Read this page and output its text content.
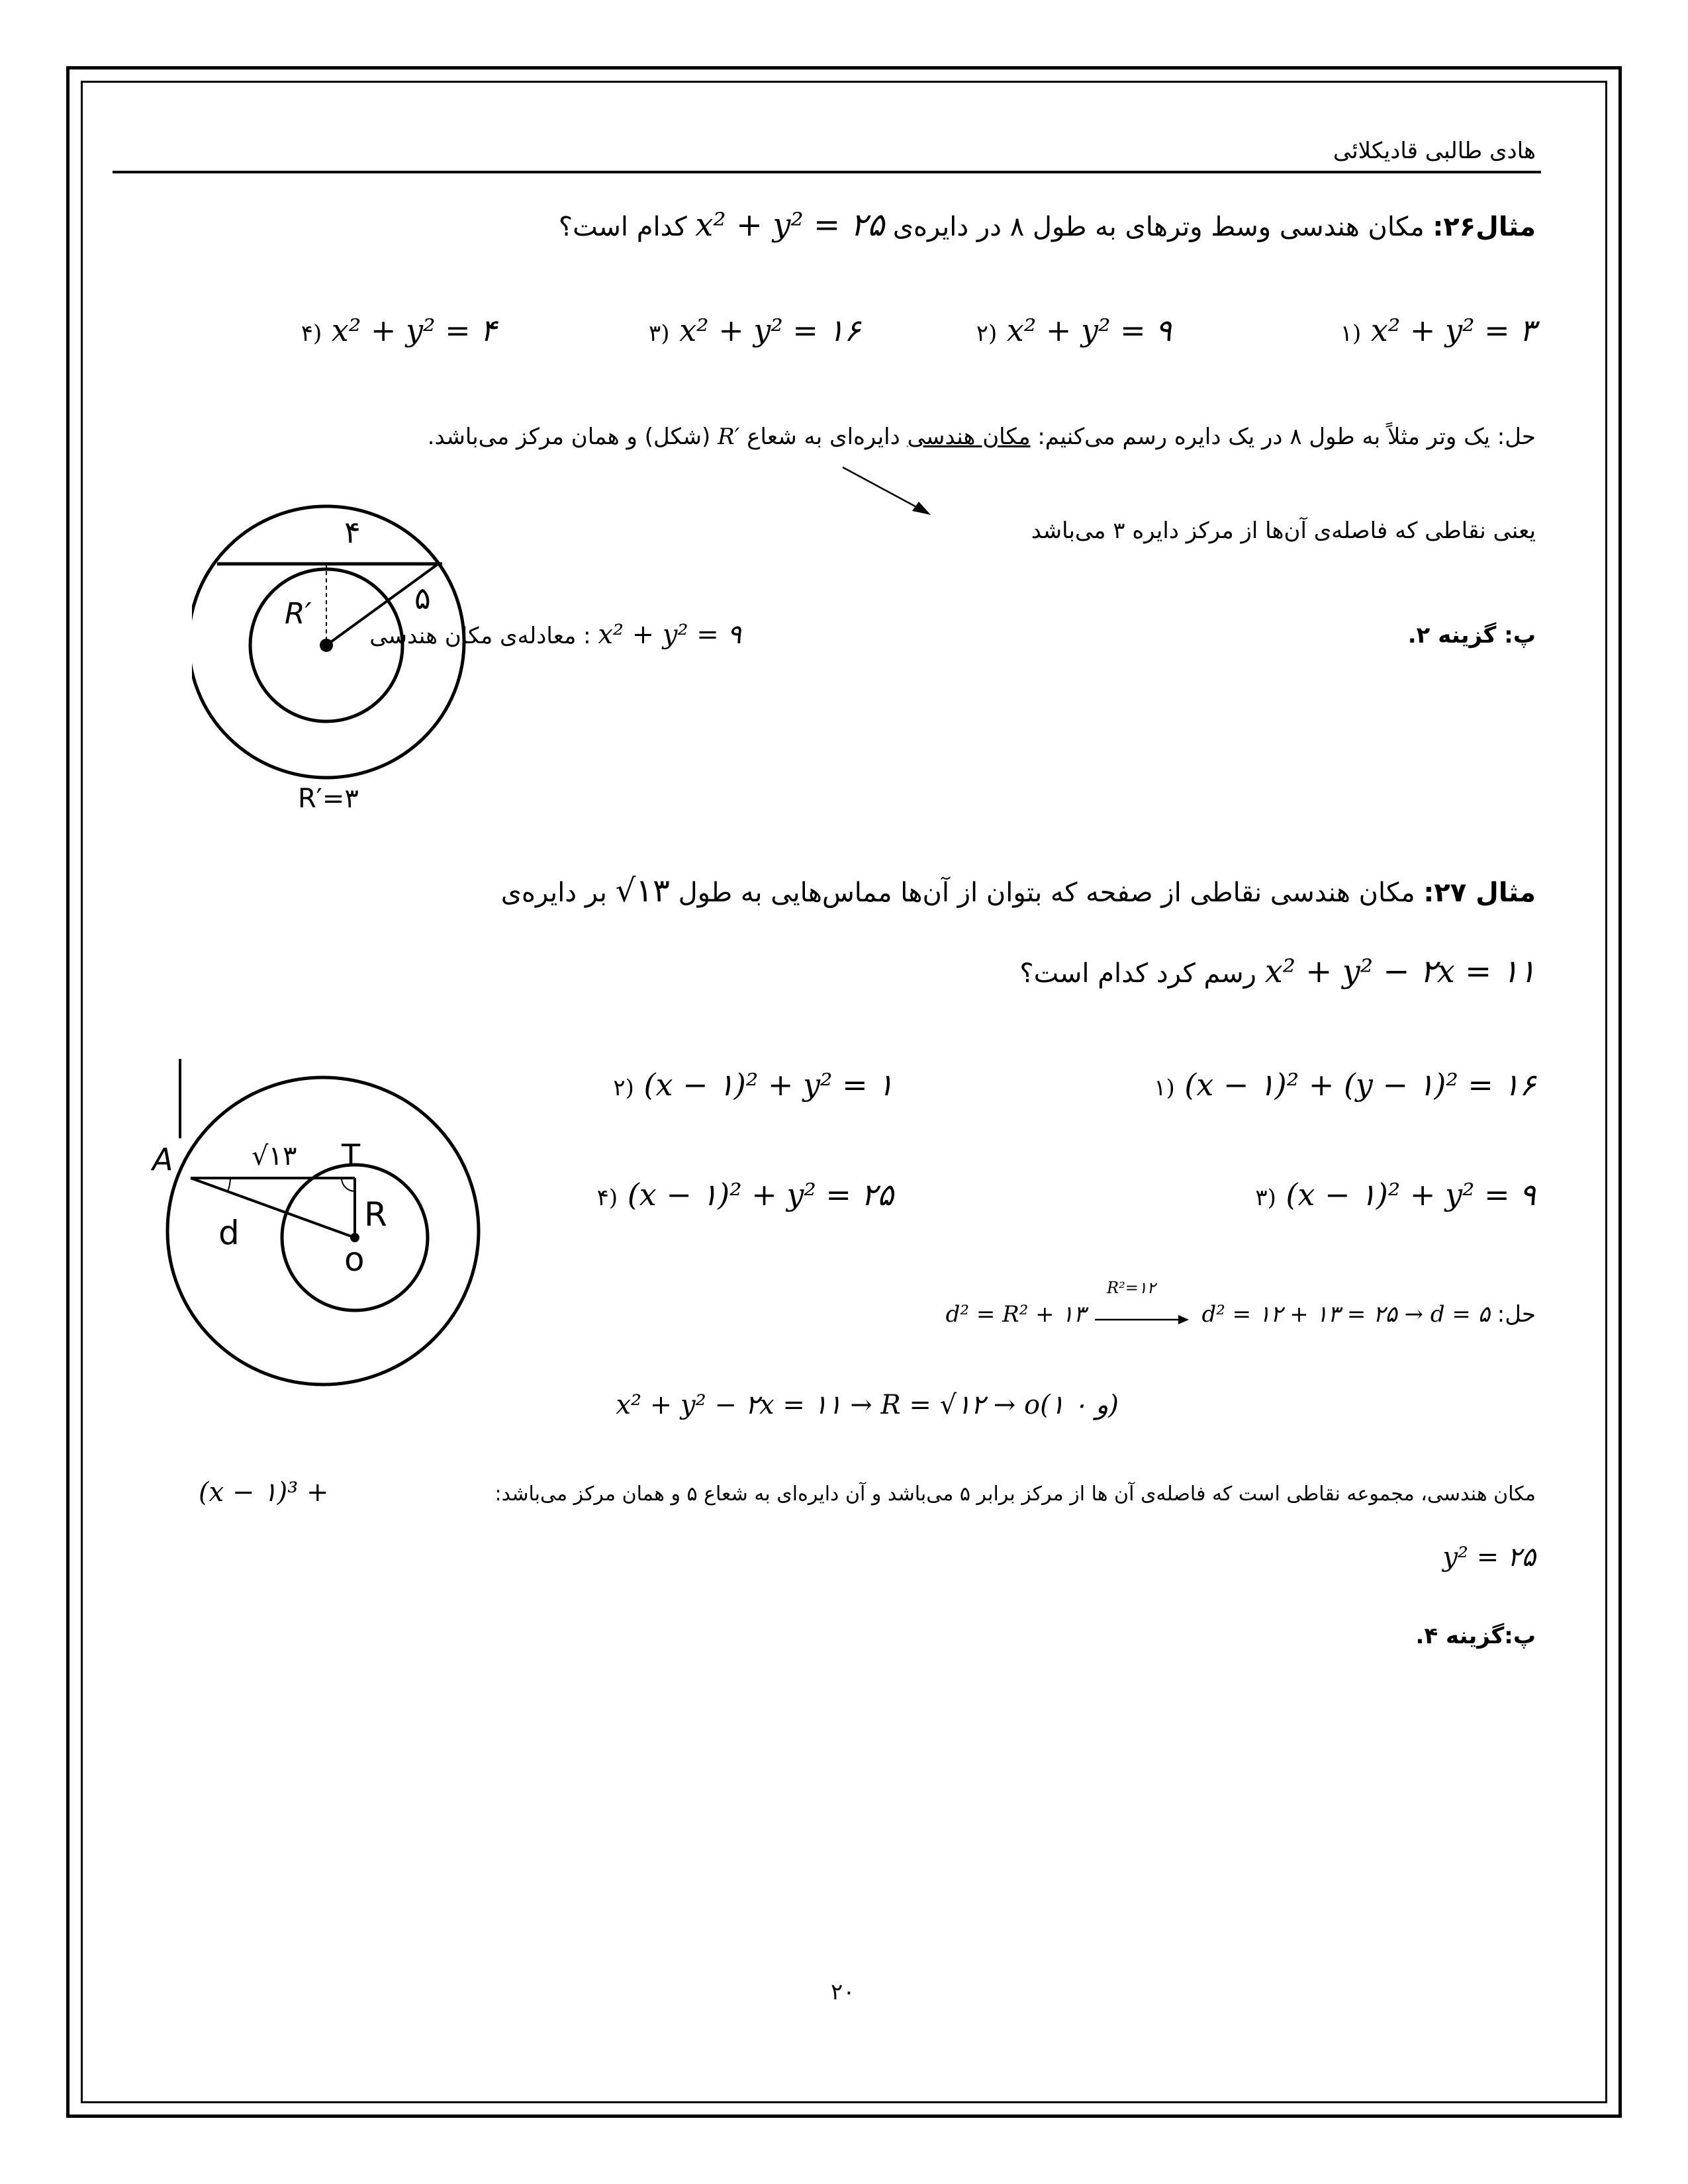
هادی طالبی قادیکلائی
مثال۲۶: مکان هندسی وسط وترهای به طول ۸ در دایره‌ی x² + y² = ۲۵ کدام است؟
۱) x² + y² = ۳
۲) x² + y² = ۹
۳) x² + y² = ۱۶
۴) x² + y² = ۴
حل: یک وتر مثلاً به طول ۸ در یک دایره رسم می‌کنیم: مکان هندسی دایره‌ای به شعاع R′ (شکل) و همان مرکز می‌باشد.
یعنی نقاطی که فاصله‌ی آن‌ها از مرکز دایره ۳ می‌باشد
پ: گزینه ۲.
x² + y² = ۹ : معادله‌ی مکان هندسی
۴
۵
R′
R′=۳
مثال ۲۷: مکان هندسی نقاطی از صفحه که بتوان از آن‌ها مماس‌هایی به طول √۱۳ بر دایره‌ی
x² + y² − ۲x = ۱۱ رسم کرد کدام است؟
۱) (x − ۱)² + (y − ۱)² = ۱۶
۲) (x − ۱)² + y² = ۱
۳) (x − ۱)² + y² = ۹
۴) (x − ۱)² + y² = ۲۵
حل: d² = ۱۲ + ۱۳ = ۲۵ → d = ۵
R²=۱۲
d² = R² + ۱۳
x² + y² − ۲x = ۱۱ → R = √۱۲ → o(۱ و ۰)
مکان هندسی، مجموعه نقاطی است که فاصله‌ی آن ها از مرکز برابر ۵ می‌باشد و آن دایره‌ای به شعاع ۵ و همان مرکز می‌باشد:
(x − ۱)³ +
y² = ۲۵
پ:گزینه ۴.
A	T
√۱۳
d	R
o
۲۰
